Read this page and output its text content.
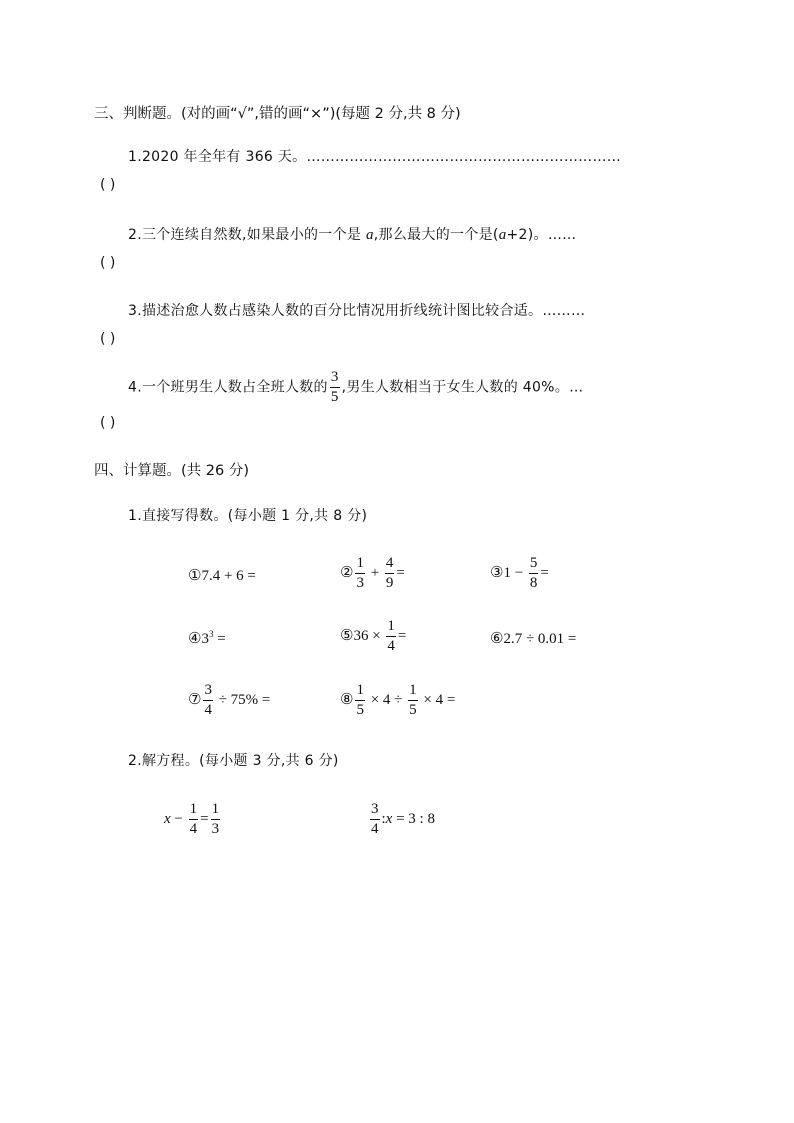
三、判断题。(对的画“√”,错的画“×”)(每题 2 分,共 8 分)
1.2020 年全年有 366 天。…………………………………………………………
( )
2.三个连续自然数,如果最小的一个是 a,那么最大的一个是(a+2)。……
( )
3.描述治愈人数占感染人数的百分比情况用折线统计图比较合适。………
( )
4.一个班男生人数占全班人数的 $\frac{3}{5}$ ,男生人数相当于女生人数的 40%。…
( )
四、计算题。(共 26 分)
1.直接写得数。(每小题 1 分,共 8 分)
①7.4 + 6 =	② $\frac{1}{3} + \frac{4}{9}$ =	③1 − $\frac{5}{8}$ =
$④3^3$ =	⑤36 × $\frac{1}{4}$ =	⑥2.7 ÷ 0.01 =
⑦ $\frac{3}{4} \div 75\%$ =	⑧ $\frac{1}{5} \times 4 \div \frac{1}{5} \times 4$ =
2.解方程。(每小题 3 分,共 6 分)
$x - \frac{1}{4} = \frac{1}{3}$	$\frac{3}{4}$ :x = 3 : 8
